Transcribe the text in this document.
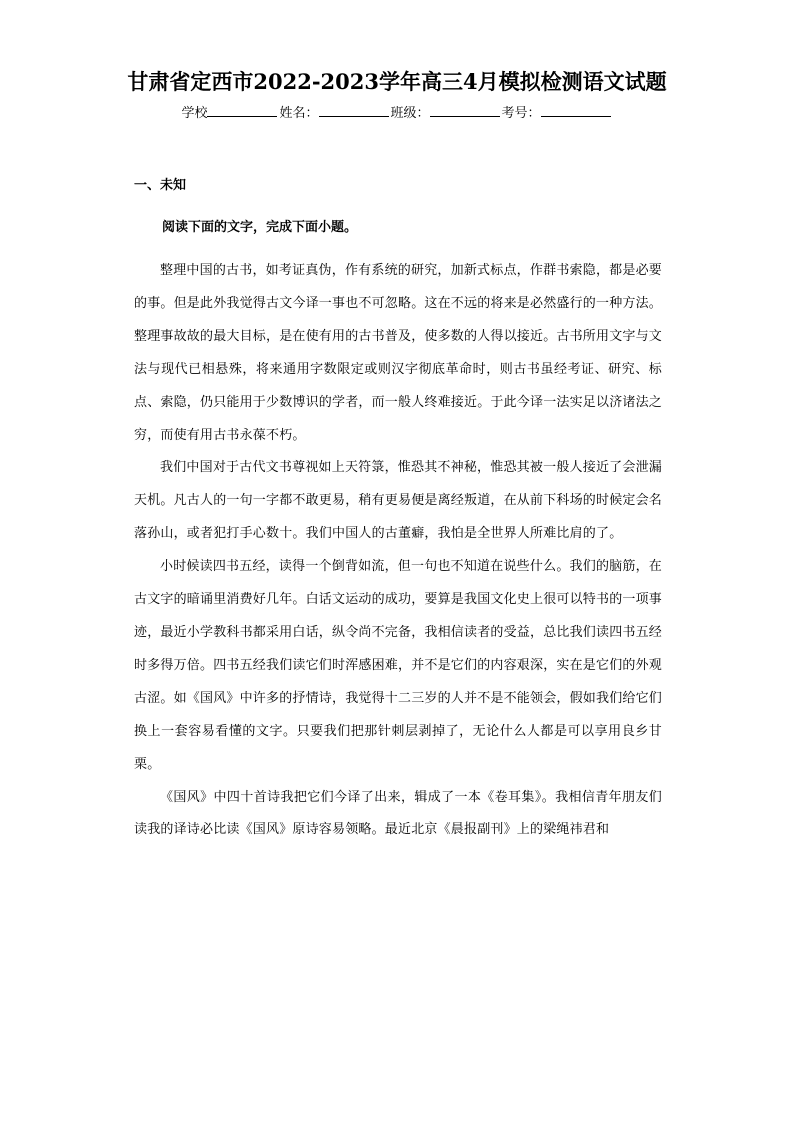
甘肃省定西市2022-2023学年高三4月模拟检测语文试题
学校	姓名：	班级：	考号：
一、未知
阅读下面的文字，完成下面小题。

整理中国的古书，如考证真伪，作有系统的研究，加新式标点，作群书索隐，都是必要的事。但是此外我觉得古文今译一事也不可忽略。这在不远的将来是必然盛行的一种方法。整理事故故的最大目标，是在使有用的古书普及，使多数的人得以接近。古书所用文字与文法与现代已相悬殊，将来通用字数限定或则汉字彻底革命时，则古书虽经考证、研究、标点、索隐，仍只能用于少数博识的学者，而一般人终难接近。于此今译一法实足以济诸法之穷，而使有用古书永葆不朽。

我们中国对于古代文书尊视如上天符箓，惟恐其不神秘，惟恐其被一般人接近了会泄漏天机。凡古人的一句一字都不敢更易，稍有更易便是离经叛道，在从前下科场的时候定会名落孙山，或者犯打手心数十。我们中国人的古董癖，我怕是全世界人所难比肩的了。

小时候读四书五经，读得一个倒背如流，但一句也不知道在说些什么。我们的脑筋，在古文字的暗诵里消费好几年。白话文运动的成功，要算是我国文化史上很可以特书的一项事迹，最近小学教科书都采用白话，纵令尚不完备，我相信读者的受益，总比我们读四书五经时多得万倍。四书五经我们读它们时浑感困难，并不是它们的内容艰深，实在是它们的外观古涩。如《国风》中许多的抒情诗，我觉得十二三岁的人并不是不能领会，假如我们给它们换上一套容易看懂的文字。只要我们把那针刺层剥掉了，无论什么人都是可以享用良乡甘栗。

《国风》中四十首诗我把它们今译了出来，辑成了一本《卷耳集》。我相信青年朋友们读我的译诗必比读《国风》原诗容易领略。最近北京《晨报副刊》上的梁绳祎君和
